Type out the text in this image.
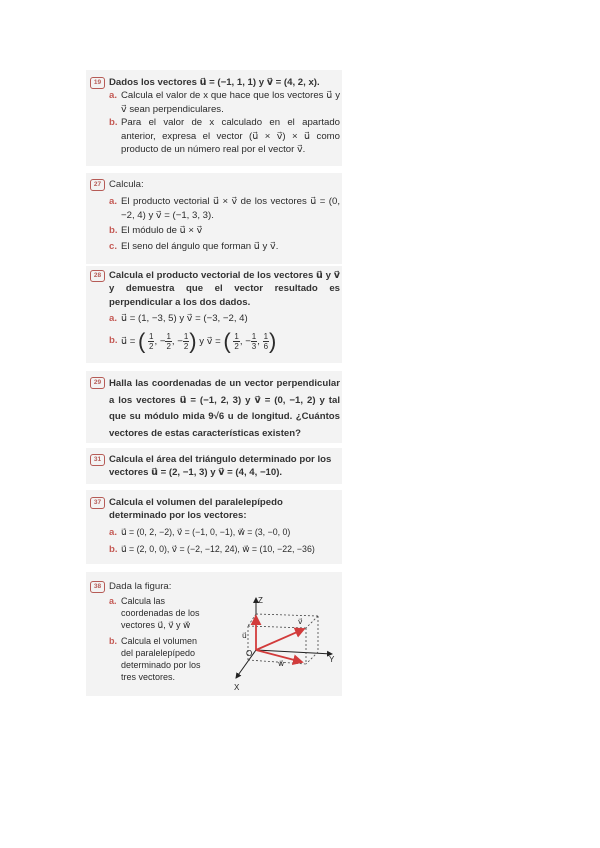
19 Dados los vectores u⃗ = (−1, 1, 1) y v⃗ = (4, 2, x).
a. Calcula el valor de x que hace que los vectores u⃗ y v⃗ sean perpendiculares.
b. Para el valor de x calculado en el apartado anterior, expresa el vector (u⃗ × v⃗) × u⃗ como producto de un número real por el vector v⃗.
27 Calcula:
a. El producto vectorial u⃗ × v⃗ de los vectores u⃗ = (0, −2, 4) y v⃗ = (−1, 3, 3).
b. El módulo de u⃗ × v⃗
c. El seno del ángulo que forman u⃗ y v⃗.
28 Calcula el producto vectorial de los vectores u⃗ y v⃗ y demuestra que el vector resultado es perpendicular a los dos dados.
a. u⃗ = (1, −3, 5) y v⃗ = (−3, −2, 4)
b. u⃗ = ( $\frac{1}{2}$ , − $\frac{1}{2}$ , − $\frac{1}{2}$ ) y v⃗ = ( $\frac{1}{2}$ , − $\frac{1}{3}$ , $\frac{1}{6}$ )
29 Halla las coordenadas de un vector perpendicular a los vectores u⃗ = (−1, 2, 3) y v⃗ = (0, −1, 2) y tal que su módulo mida 9√6 u de longitud. ¿Cuántos vectores de estas características existen?
31 Calcula el área del triángulo determinado por los vectores u⃗ = (2, −1, 3) y v⃗ = (4, 4, −10).
37 Calcula el volumen del paralelepípedo determinado por los vectores:
a. u⃗ = (0, 2, −2), v⃗ = (−1, 0, −1), w⃗ = (3, −0, 0)
b. u⃗ = (2, 0, 0), v⃗ = (−2, −12, 24), w⃗ = (10, −22, −36)
38 Dada la figura:
a. Calcula las coordenadas de los vectores u⃗, v⃗ y w⃗
b. Calcula el volumen del paralelepípedo determinado por los tres vectores.
Z
Y
X
O
u⃗
v⃗
w⃗
